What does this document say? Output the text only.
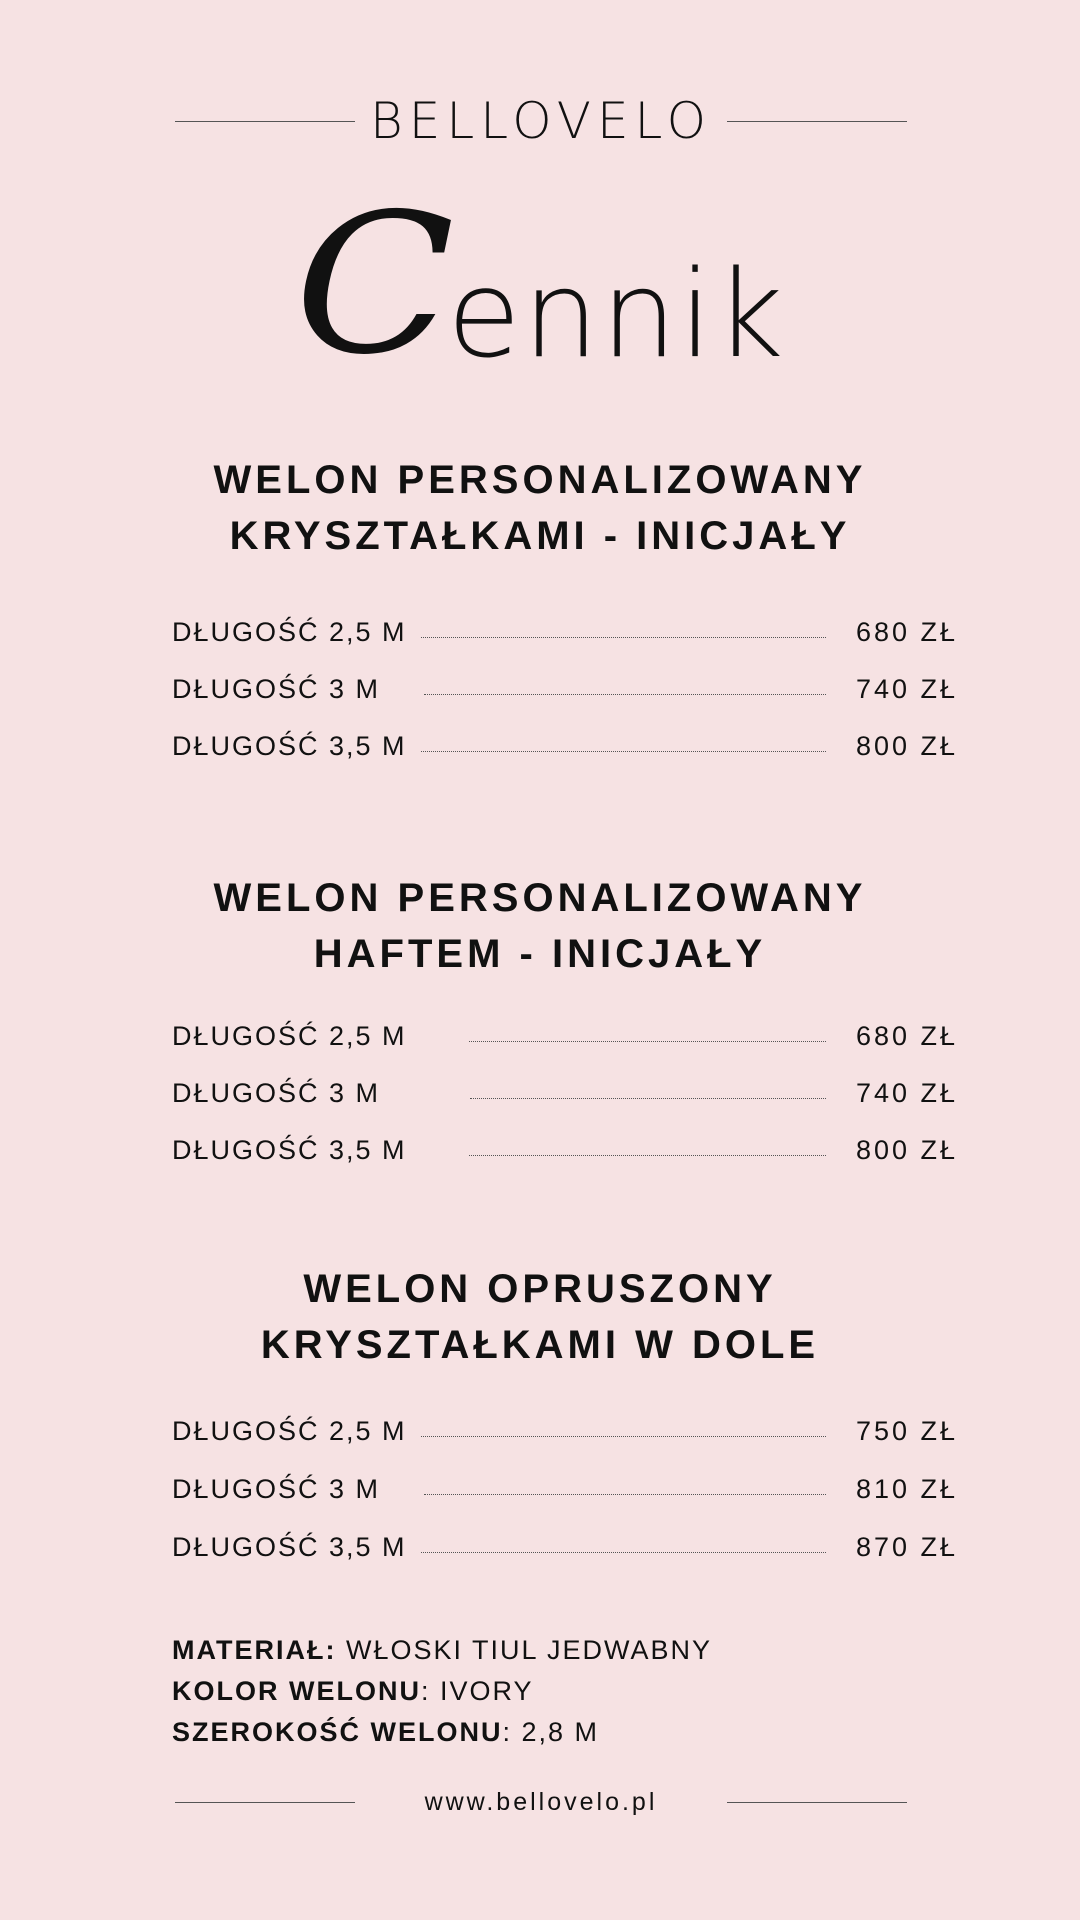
BELLOVELO
C
ennik

WELON PERSONALIZOWANY
KRYSZTAŁKAMI - INICJAŁY

DŁUGOŚĆ 2,5 M	680 ZŁ
DŁUGOŚĆ 3 M	740 ZŁ
DŁUGOŚĆ 3,5 M	800 ZŁ

WELON PERSONALIZOWANY
HAFTEM - INICJAŁY

DŁUGOŚĆ 2,5 M	680 ZŁ
DŁUGOŚĆ 3 M	740 ZŁ
DŁUGOŚĆ 3,5 M	800 ZŁ

WELON OPRUSZONY
KRYSZTAŁKAMI W DOLE

DŁUGOŚĆ 2,5 M	750 ZŁ
DŁUGOŚĆ 3 M	810 ZŁ
DŁUGOŚĆ 3,5 M	870 ZŁ
MATERIAŁ: WŁOSKI TIUL JEDWABNY
KOLOR WELONU: IVORY
SZEROKOŚĆ WELONU: 2,8 M
www.bellovelo.pl
